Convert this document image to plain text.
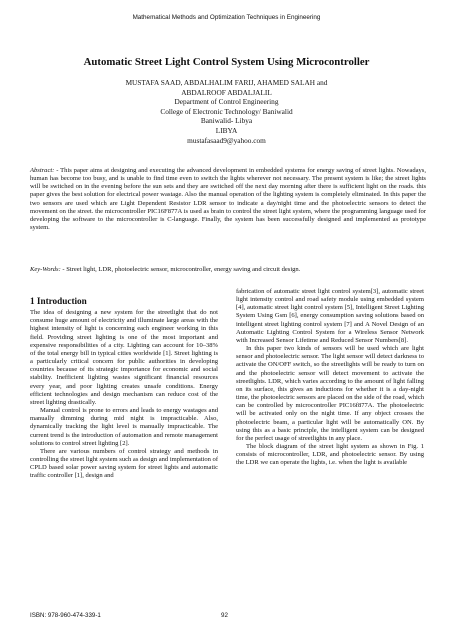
Mathematical Methods and Optimization Techniques in Engineering
Automatic Street Light Control System Using Microcontroller
MUSTAFA SAAD, ABDALHALIM FARIJ, AHAMED SALAH and
ABDALROOF ABDALJALIL
Department of Control Engineering
College of Electronic Technology/ Baniwalid
Baniwalid- Libya
LIBYA
mustafasaad9@yahoo.com
Abstract: - This paper aims at designing and executing the advanced development in embedded systems for energy saving of street lights. Nowadays, human has become too busy, and is unable to find time even to switch the lights wherever not necessary. The present system is like; the street lights will be switched on in the evening before the sun sets and they are switched off the next day morning after there is sufficient light on the roads. this paper gives the best solution for electrical power wastage. Also the manual operation of the lighting system is completely eliminated. In this paper the two sensors are used which are Light Dependent Resistor LDR sensor to indicate a day/night time and the photoelectric sensors to detect the movement on the street. the microcontroller PIC16F877A is used as brain to control the street light system, where the programming language used for developing the software to the microcontroller is C-language. Finally, the system has been successfully designed and implemented as prototype system.
Key-Words: - Street light, LDR, photoelectric sensor, microcontroller, energy saving and circuit design.
1 Introduction

The idea of designing a new system for the streetlight that do not consume huge amount of electricity and illuminate large areas with the highest intensity of light is concerning each engineer working in this field. Providing street lighting is one of the most important and expensive responsibilities of a city. Lighting can account for 10–38% of the total energy bill in typical cities worldwide [1]. Street lighting is a particularly critical concern for public authorities in developing countries because of its strategic importance for economic and social stability. Inefficient lighting wastes significant financial resources every year, and poor lighting creates unsafe conditions. Energy efficient technologies and design mechanism can reduce cost of the street lighting drastically.

Manual control is prone to errors and leads to energy wastages and manually dimming during mid night is impracticable. Also, dynamically tracking the light level is manually impracticable. The current trend is the introduction of automation and remote management solutions to control street lighting [2].

There are various numbers of control strategy and methods in controlling the street light system such as design and implementation of CPLD based solar power saving system for street lights and automatic traffic controller [1], design and

fabrication of automatic street light control system[3], automatic street light intensity control and road safety module using embedded system [4], automatic street light control system [5], Intelligent Street Lighting System Using Gsm [6], energy consumption saving solutions based on intelligent street lighting control system [7] and A Novel Design of an Automatic Lighting Control System for a Wireless Sensor Network with Increased Sensor Lifetime and Reduced Sensor Numbers[8].

In this paper two kinds of sensors will be used which are light sensor and photoelectric sensor. The light sensor will detect darkness to activate the ON/OFF switch, so the streetlights will be ready to turn on and the photoelectric sensor will detect movement to activate the streetlights. LDR, which varies according to the amount of light falling on its surface, this gives an inductions for whether it is a day-night time, the photoelectric sensors are placed on the side of the road, which can be controlled by microcontroller PIC16f877A. The photoelectric will be activated only on the night time. If any object crosses the photoelectric beam, a particular light will be automatically ON. By using this as a basic principle, the intelligent system can be designed for the perfect usage of streetlights in any place.

The block diagram of the street light system as shown in Fig. 1 consists of microcontroller, LDR, and photoelectric sensor. By using the LDR we can operate the lights, i.e. when the light is available

ISBN: 978-960-474-339-1	92
